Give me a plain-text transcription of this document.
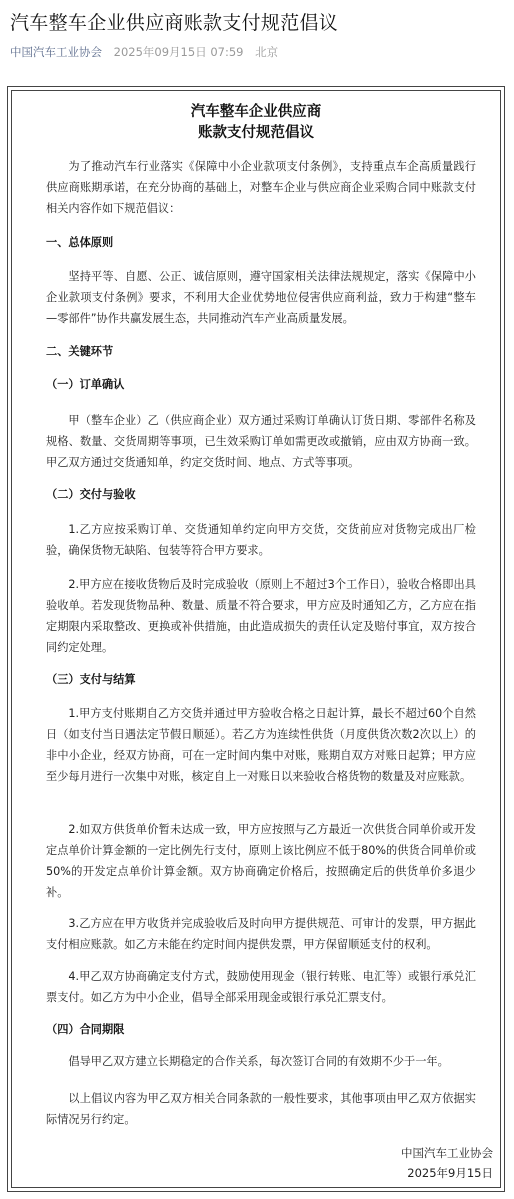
汽车整车企业供应商账款支付规范倡议
中国汽车工业协会 2025年09月15日 07:59 北京
汽车整车企业供应商
账款支付规范倡议
为了推动汽车行业落实《保障中小企业款项支付条例》，支持重点车企高质量践行供应商账期承诺，在充分协商的基础上，对整车企业与供应商企业采购合同中账款支付相关内容作如下规范倡议：
一、总体原则
坚持平等、自愿、公正、诚信原则，遵守国家相关法律法规规定，落实《保障中小企业款项支付条例》要求，不利用大企业优势地位侵害供应商利益，致力于构建“整车—零部件”协作共赢发展生态，共同推动汽车产业高质量发展。
二、关键环节
（一）订单确认
甲（整车企业）乙（供应商企业）双方通过采购订单确认订货日期、零部件名称及规格、数量、交货周期等事项，已生效采购订单如需更改或撤销，应由双方协商一致。甲乙双方通过交货通知单，约定交货时间、地点、方式等事项。
（二）交付与验收
1.乙方应按采购订单、交货通知单约定向甲方交货，交货前应对货物完成出厂检验，确保货物无缺陷、包装等符合甲方要求。
2.甲方应在接收货物后及时完成验收（原则上不超过3个工作日），验收合格即出具验收单。若发现货物品种、数量、质量不符合要求，甲方应及时通知乙方，乙方应在指定期限内采取整改、更换或补供措施，由此造成损失的责任认定及赔付事宜，双方按合同约定处理。
（三）支付与结算
1.甲方支付账期自乙方交货并通过甲方验收合格之日起计算，最长不超过60个自然日（如支付当日遇法定节假日顺延）。若乙方为连续性供货（月度供货次数2次以上）的非中小企业，经双方协商，可在一定时间内集中对账，账期自双方对账日起算；甲方应至少每月进行一次集中对账，核定自上一对账日以来验收合格货物的数量及对应账款。
2.如双方供货单价暂未达成一致，甲方应按照与乙方最近一次供货合同单价或开发定点单价计算金额的一定比例先行支付，原则上该比例应不低于80%的供货合同单价或50%的开发定点单价计算金额。双方协商确定价格后，按照确定后的供货单价多退少补。
3.乙方应在甲方收货并完成验收后及时向甲方提供规范、可审计的发票，甲方据此支付相应账款。如乙方未能在约定时间内提供发票，甲方保留顺延支付的权利。
4.甲乙双方协商确定支付方式，鼓励使用现金（银行转账、电汇等）或银行承兑汇票支付。如乙方为中小企业，倡导全部采用现金或银行承兑汇票支付。
（四）合同期限
倡导甲乙双方建立长期稳定的合作关系，每次签订合同的有效期不少于一年。
以上倡议内容为甲乙双方相关合同条款的一般性要求，其他事项由甲乙双方依据实际情况另行约定。
中国汽车工业协会
2025年9月15日
